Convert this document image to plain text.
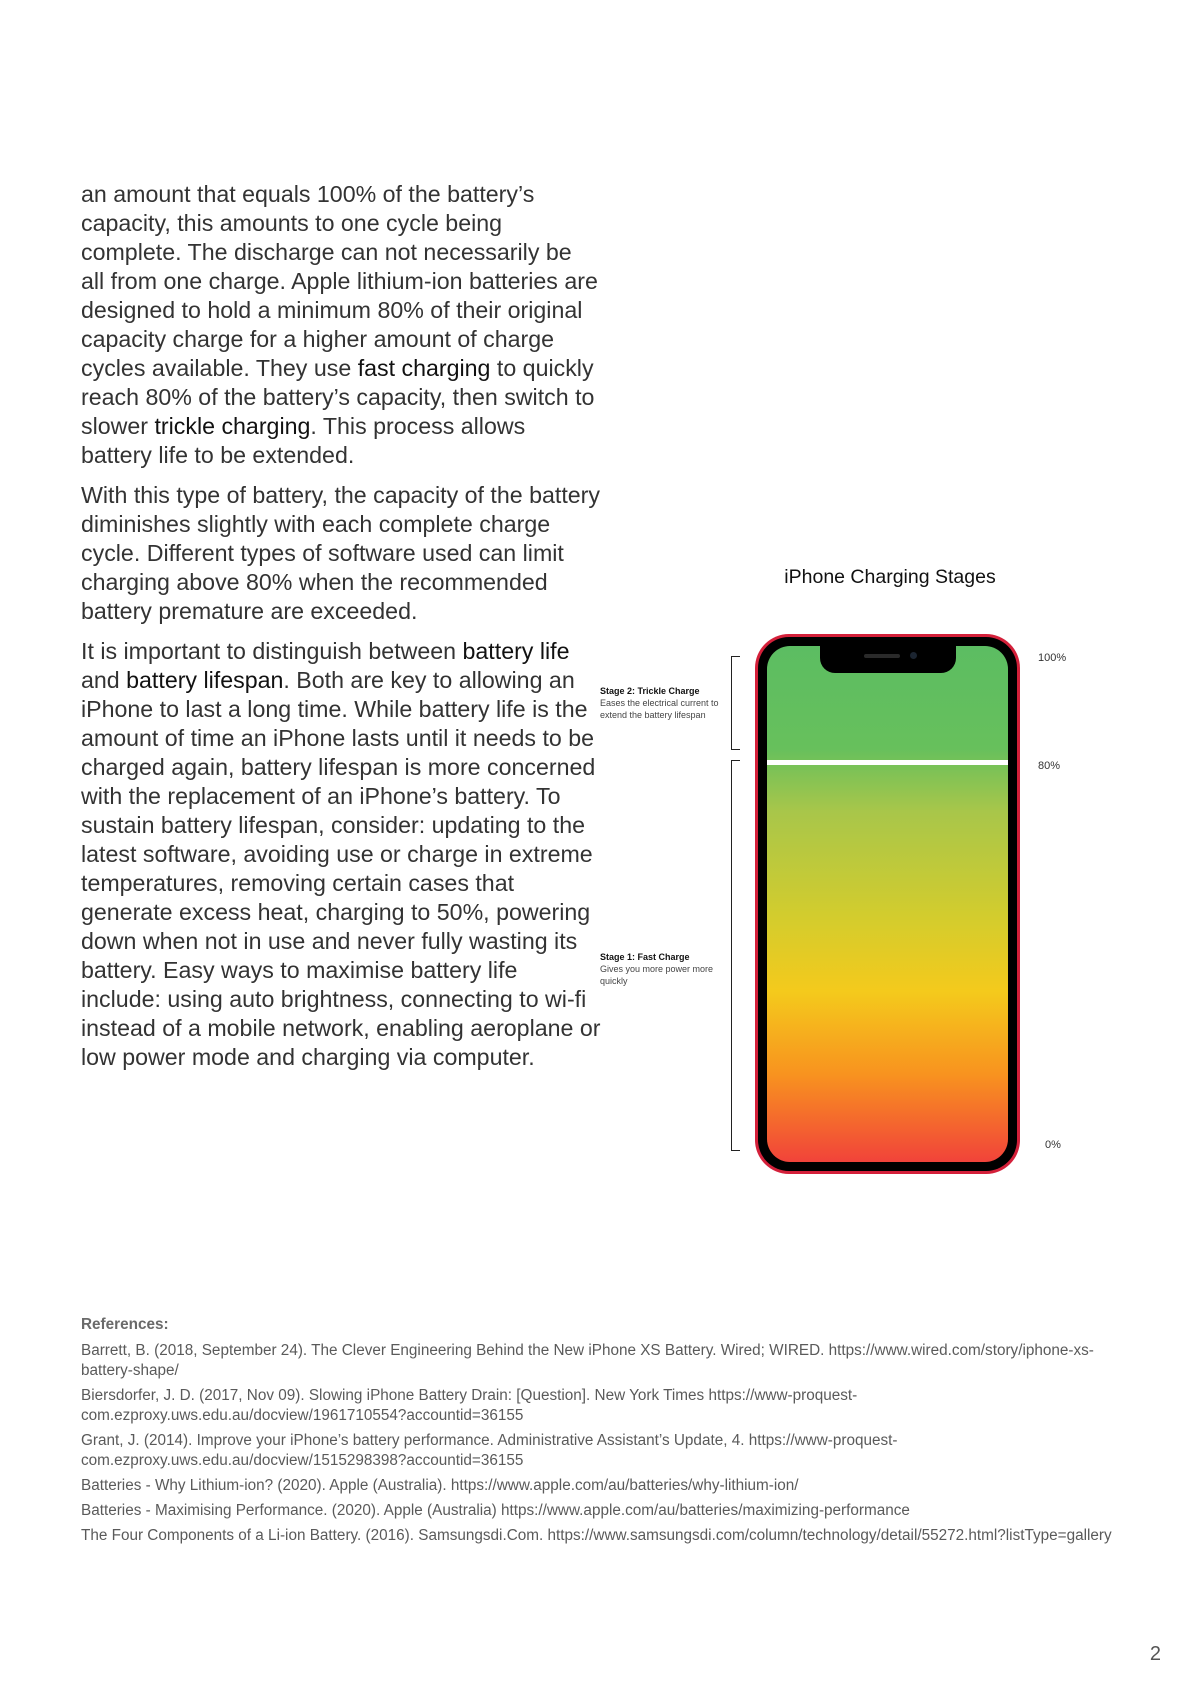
an amount that equals 100% of the battery’s capacity, this amounts to one cycle being complete. The discharge can not necessarily be all from one charge. Apple lithium-ion batteries are designed to hold a minimum 80% of their original capacity charge for a higher amount of charge cycles available. They use fast charging to quickly reach 80% of the battery’s capacity, then switch to slower trickle charging. This process allows battery life to be extended.

With this type of battery, the capacity of the battery diminishes slightly with each complete charge cycle. Different types of software used can limit charging above 80% when the recommended battery premature are exceeded.

It is important to distinguish between battery life and battery lifespan. Both are key to allowing an iPhone to last a long time. While battery life is the amount of time an iPhone lasts until it needs to be charged again, battery lifespan is more concerned with the replacement of an iPhone’s battery. To sustain battery lifespan, consider: updating to the latest software, avoiding use or charge in extreme temperatures, removing certain cases that generate excess heat, charging to 50%, powering down when not in use and never fully wasting its battery. Easy ways to maximise battery life include: using auto brightness, connecting to wi-fi instead of a mobile network, enabling aeroplane or low power mode and charging via computer.

iPhone Charging Stages
Stage 2: Trickle Charge
Eases the electrical current to extend the battery lifespan
Stage 1: Fast Charge
Gives you more power more quickly
100%
80%
0%
References:
Barrett, B. (2018, September 24). The Clever Engineering Behind the New iPhone XS Battery. Wired; WIRED. https://www.wired.com/story/iphone-xs-battery-shape/
Biersdorfer, J. D. (2017, Nov 09). Slowing iPhone Battery Drain: [Question]. New York Times https://www-proquest-com.ezproxy.uws.edu.au/docview/1961710554?accountid=36155
Grant, J. (2014). Improve your iPhone’s battery performance. Administrative Assistant’s Update, 4. https://www-proquest-com.ezproxy.uws.edu.au/docview/1515298398?accountid=36155
Batteries - Why Lithium-ion? (2020). Apple (Australia). https://www.apple.com/au/batteries/why-lithium-ion/
Batteries - Maximising Performance. (2020). Apple (Australia) https://www.apple.com/au/batteries/maximizing-performance
The Four Components of a Li-ion Battery. (2016). Samsungsdi.Com. https://www.samsungsdi.com/column/technology/detail/55272.html?listType=gallery
2
